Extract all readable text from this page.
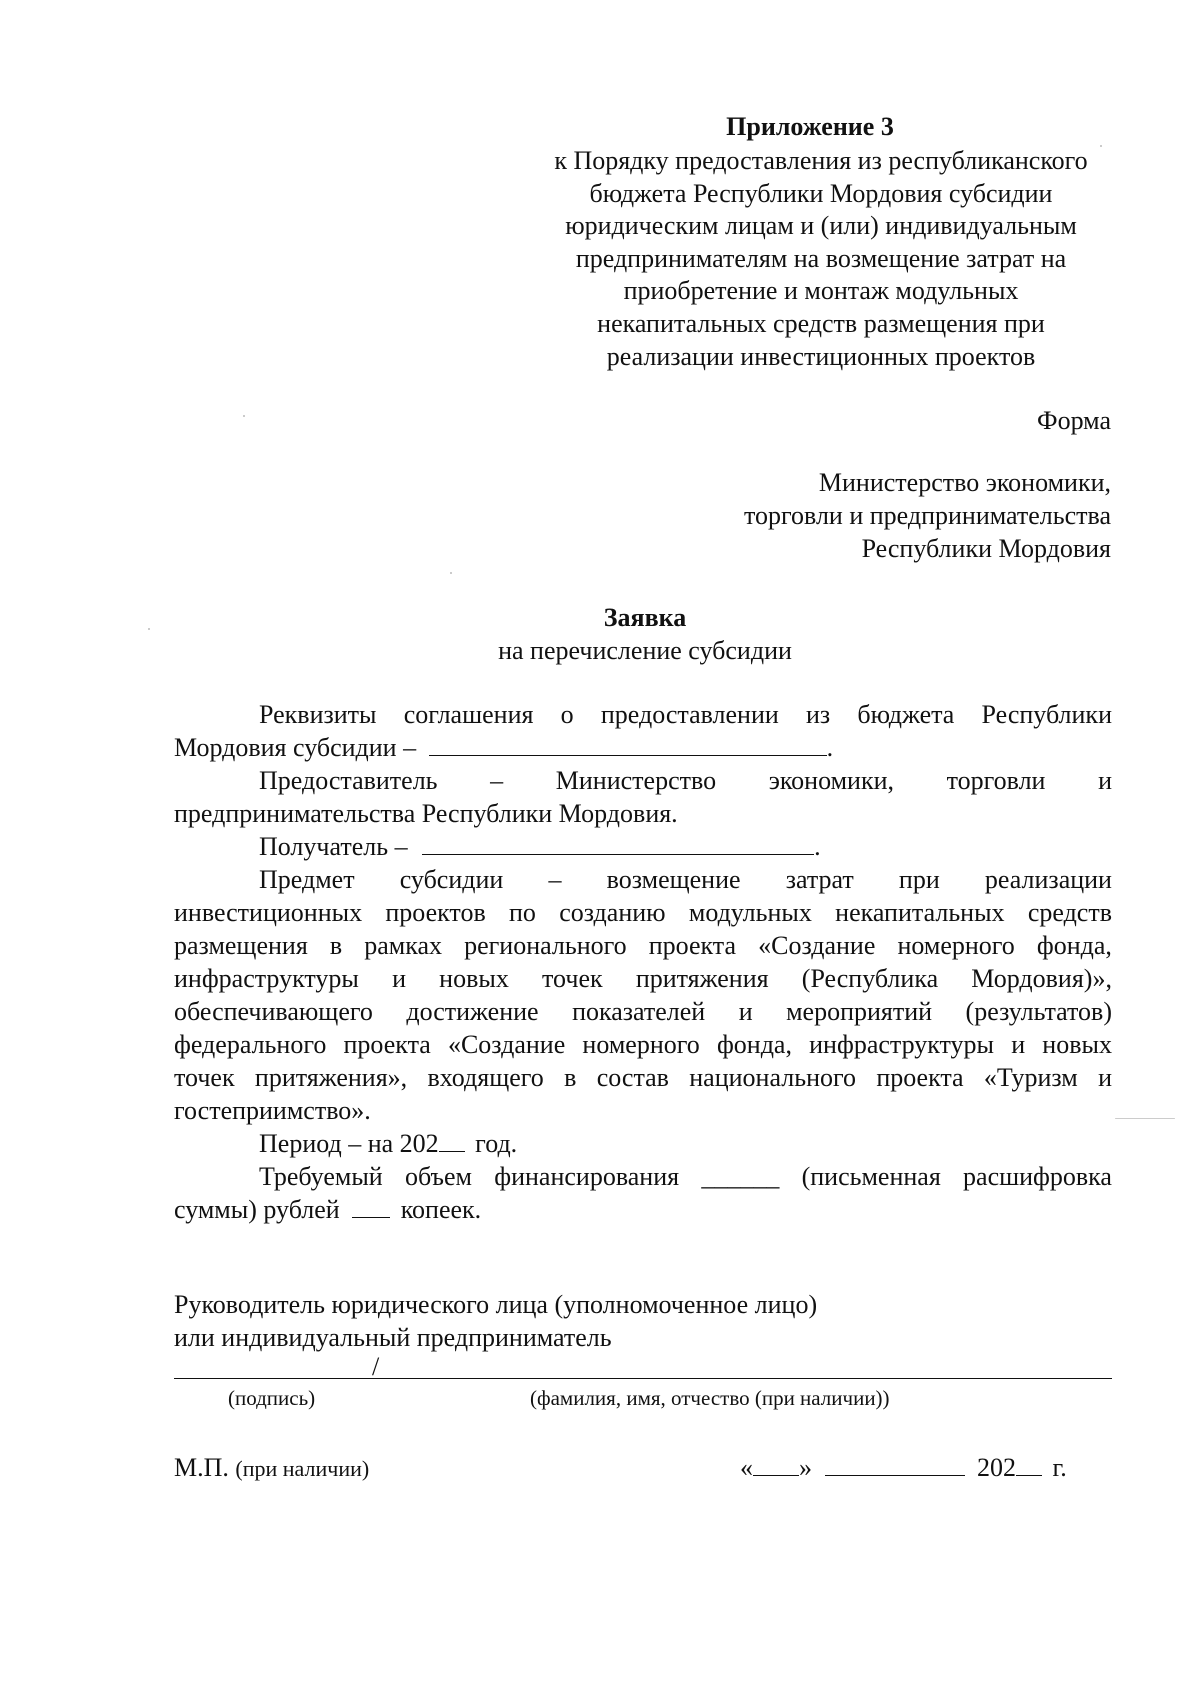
Приложение 3
к Порядку предоставления из республиканского
бюджета Республики Мордовия субсидии
юридическим лицам и (или) индивидуальным
предпринимателям на возмещение затрат на
приобретение и монтаж модульных
некапитальных средств размещения при
реализации инвестиционных проектов
Форма
Министерство экономики,
торговли и предпринимательства
Республики Мордовия
Заявка
на перечисление субсидии
Реквизиты соглашения о предоставлении из бюджета Республики
Мордовия субсидии –	.
Предоставитель – Министерство экономики, торговли и
предпринимательства Республики Мордовия.
Получатель –	.
Предмет субсидии – возмещение затрат при реализации
инвестиционных проектов по созданию модульных некапитальных средств
размещения в рамках регионального проекта «Создание номерного фонда,
инфраструктуры и новых точек притяжения (Республика Мордовия)»,
обеспечивающего достижение показателей и мероприятий (результатов)
федерального проекта «Создание номерного фонда, инфраструктуры и новых
точек притяжения», входящего в состав национального проекта «Туризм и
гостеприимство».
Период – на 202 год.
Требуемый объем финансирования ______ (письменная расшифровка
суммы) рублей копеек.
Руководитель юридического лица (уполномоченное лицо)
или индивидуальный предприниматель
/
(подпись)	(фамилия, имя, отчество (при наличии))
М.П. (при наличии)	« »	202 г.
